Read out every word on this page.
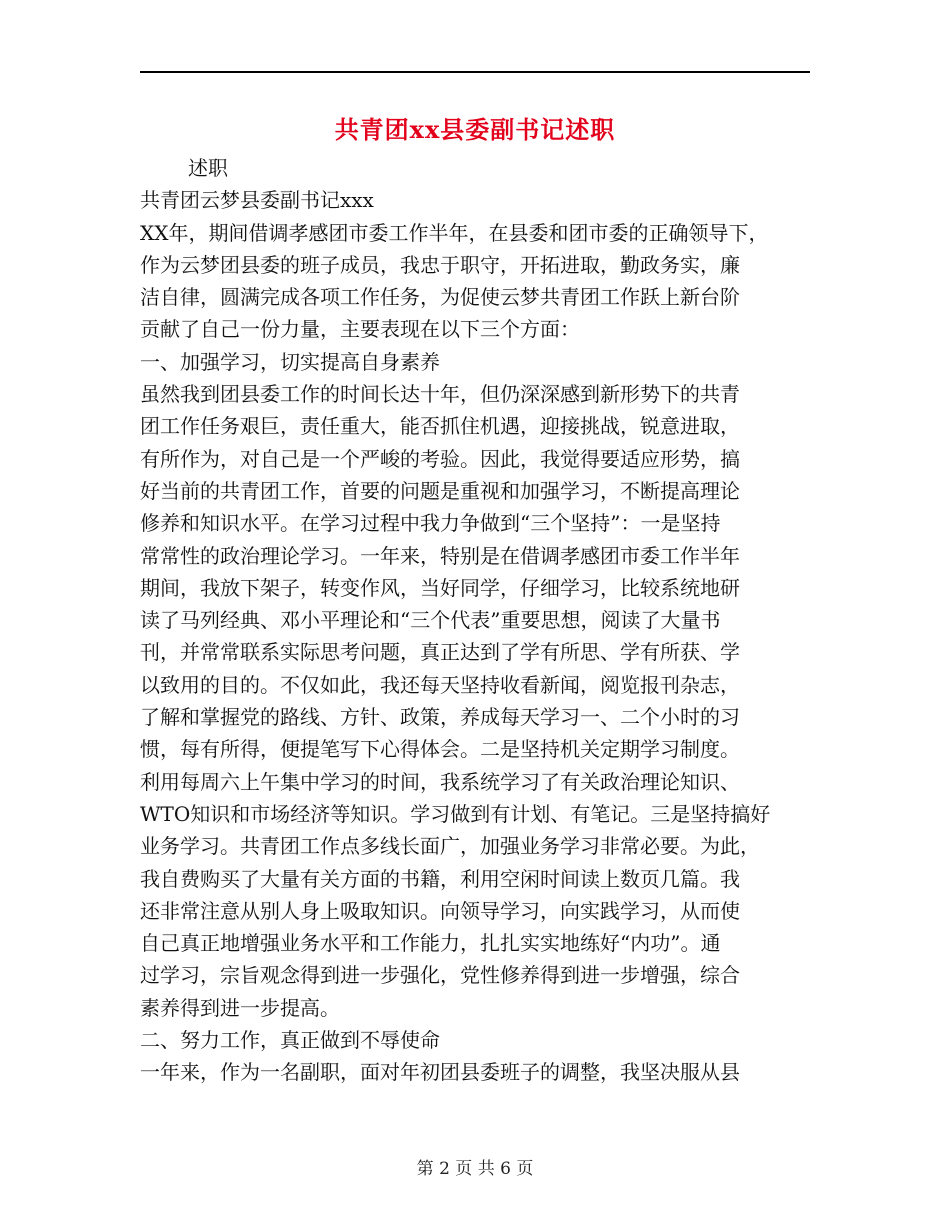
共青团xx县委副书记述职

述职

共青团云梦县委副书记xxx

XX年，期间借调孝感团市委工作半年，在县委和团市委的正确领导下，

作为云梦团县委的班子成员，我忠于职守，开拓进取，勤政务实，廉

洁自律，圆满完成各项工作任务，为促使云梦共青团工作跃上新台阶

贡献了自己一份力量，主要表现在以下三个方面：

一、加强学习，切实提高自身素养

虽然我到团县委工作的时间长达十年，但仍深深感到新形势下的共青

团工作任务艰巨，责任重大，能否抓住机遇，迎接挑战，锐意进取，

有所作为，对自己是一个严峻的考验。因此，我觉得要适应形势，搞

好当前的共青团工作，首要的问题是重视和加强学习，不断提高理论

修养和知识水平。在学习过程中我力争做到“三个坚持”：一是坚持

常常性的政治理论学习。一年来，特别是在借调孝感团市委工作半年

期间，我放下架子，转变作风，当好同学，仔细学习，比较系统地研

读了马列经典、邓小平理论和“三个代表”重要思想，阅读了大量书

刊，并常常联系实际思考问题，真正达到了学有所思、学有所获、学

以致用的目的。不仅如此，我还每天坚持收看新闻，阅览报刊杂志，

了解和掌握党的路线、方针、政策，养成每天学习一、二个小时的习

惯，每有所得，便提笔写下心得体会。二是坚持机关定期学习制度。

利用每周六上午集中学习的时间，我系统学习了有关政治理论知识、

WTO知识和市场经济等知识。学习做到有计划、有笔记。三是坚持搞好

业务学习。共青团工作点多线长面广，加强业务学习非常必要。为此，

我自费购买了大量有关方面的书籍，利用空闲时间读上数页几篇。我

还非常注意从别人身上吸取知识。向领导学习，向实践学习，从而使

自己真正地增强业务水平和工作能力，扎扎实实地练好“内功”。通

过学习，宗旨观念得到进一步强化，党性修养得到进一步增强，综合

素养得到进一步提高。

二、努力工作，真正做到不辱使命

一年来，作为一名副职，面对年初团县委班子的调整，我坚决服从县

第 2 页 共 6 页
